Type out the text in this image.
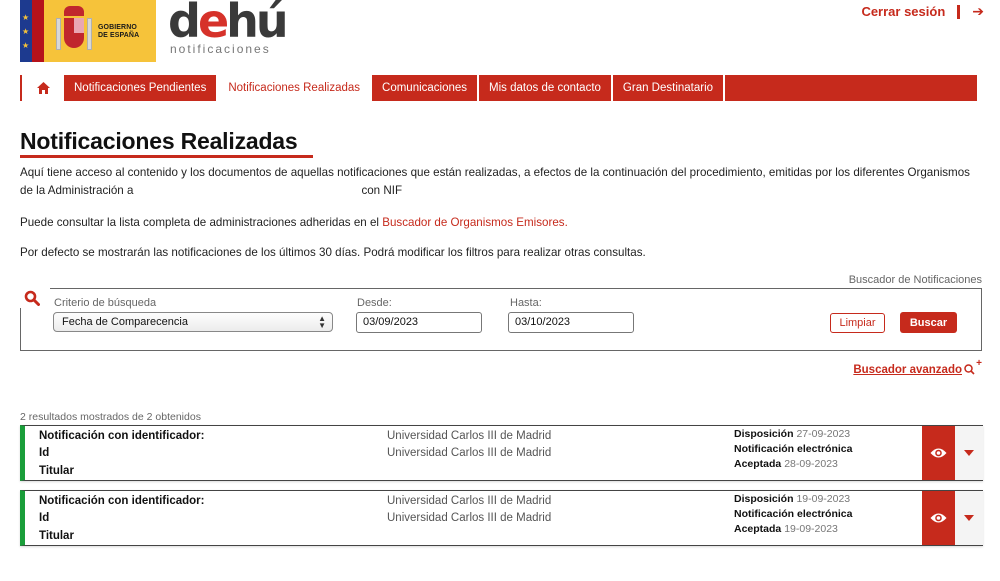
★
★
★
GOBIERNO
DE ESPAÑA dehú
notificaciones
Cerrar sesión ➔
Notificaciones Pendientes	Notificaciones Realizadas	Comunicaciones	Mis datos de contacto	Gran Destinatario
Notificaciones Realizadas

Aquí tiene acceso al contenido y los documentos de aquellas notificaciones que están realizadas, a efectos de la continuación del procedimiento, emitidas por los diferentes Organismos de la Administración a	con NIF

Puede consultar la lista completa de administraciones adheridas en el Buscador de Organismos Emisores.

Por defecto se mostrarán las notificaciones de los últimos 30 días. Podrá modificar los filtros para realizar otras consultas.

Buscador de Notificaciones
Criterio de búsqueda
Fecha de Comparecencia	▲
▼
Desde:
03/09/2023
Hasta:
03/10/2023	Limpiar	Buscar
Buscador avanzado
+
2 resultados mostrados de 2 obtenidos
Notificación con identificador:
Id
Titular
Universidad Carlos III de Madrid
Universidad Carlos III de Madrid
Disposición 27-09-2023
Notificación electrónica
Aceptada 28-09-2023
Notificación con identificador:
Id
Titular
Universidad Carlos III de Madrid
Universidad Carlos III de Madrid
Disposición 19-09-2023
Notificación electrónica
Aceptada 19-09-2023
